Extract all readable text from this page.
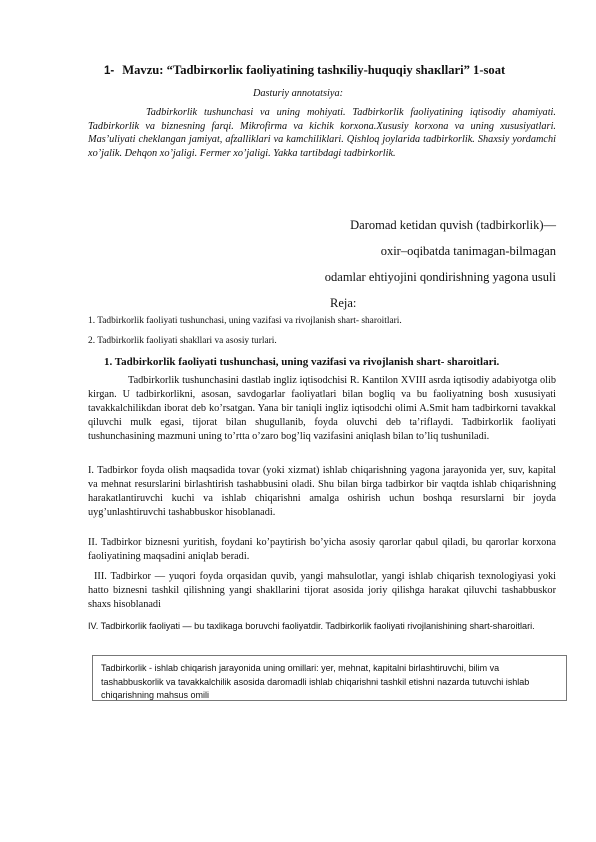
1- Mavzu: “Tadbirкorliк faoliyatining tashкiliy-huquqiy shaкllari” 1-soat
Dasturiy annotatsiya:

Tadbirkorlik tushunchasi va uning mohiyati. Tadbirkorlik faoliyatining iqtisodiy ahamiyati. Tadbirkorlik va biznesning farqi. Mikrofirma va kichik korxona.Xususiy korxona va uning xususiyatlari. Mas’uliyati cheklangan jamiyat, afzalliklari va kamchiliklari. Qishloq joylarida tadbirkorlik. Shaxsiy yordamchi xo’jalik. Dehqon xo’jaligi. Fermer xo’jaligi. Yakka tartibdagi tadbirkorlik.

Daromad ketidan quvish (tadbirkorlik)—
oxir–oqibatda tanimagan-bilmagan
odamlar ehtiyojini qondirishning yagona usuli
Reja:
1. Tadbirkorlik faoliyati tushunchasi, uning vazifasi va rivojlanish shart- sharoitlari.
1. Tadbirkorlik faoliyati tushunchasi, uning vazifasi va rivojlanish shart- sharoitlari.
2. Tadbirkorlik faoliyati shakllari va asosiy turlari.

Tadbirkorlik tushunchasini dastlab ingliz iqtisodchisi R. Kantilon XVIII asrda iqtisodiy adabiyotga olib kirgan. U tadbirkorlikni, asosan, savdogarlar faoliyatlari bilan bogliq va bu faoliyatning bosh xususiyati tavakkalchilikdan iborat deb ko’rsatgan. Yana bir taniqli ingliz iqtisodchi olimi A.Smit ham tadbirkorni tavakkal qiluvchi mulk egasi, tijorat bilan shugullanib, foyda oluvchi deb ta’riflaydi. Tadbirkorlik faoliyati tushunchasining mazmuni uning to’rtta o’zaro bog’liq vazifasini aniqlash bilan to’liq tushuniladi.

I. Tadbirkor foyda olish maqsadida tovar (yoki xizmat) ishlab chiqarishning yagona jarayonida yer, suv, kapital va mehnat resurslarini birlashtirish tashabbusini oladi. Shu bilan birga tadbirkor bir vaqtda ishlab chiqarishning harakatlantiruvchi kuchi va ishlab chiqarishni amalga oshirish uchun boshqa resurslarni bir joyda uyg’unlashtiruvchi tashabbuskor hisoblanadi.

II. Tadbirkor biznesni yuritish, foydani ko’paytirish bo’yicha asosiy qarorlar qabul qiladi, bu qarorlar korxona faoliyatining maqsadini aniqlab beradi.

III. Tadbirkor — yuqori foyda orqasidan quvib, yangi mahsulotlar, yangi ishlab chiqarish texnologiyasi yoki hatto biznesni tashkil qilishning yangi shakllarini tijorat asosida joriy qilishga harakat qiluvchi tashabbuskor shaxs hisoblanadi

IV. Tadbirkorlik faoliyati — bu taxlikaga boruvchi faoliyatdir. Tadbirkorlik faoliyati rivojlanishining shart-sharoitlari.

Tadbirkorlik - ishlab chiqarish jarayonida uning omillari: yer, mehnat, kapitalni birlashtiruvchi, bilim va tashabbuskorlik va tavakkalchilik asosida daromadli ishlab chiqarishni tashkil etishni nazarda tutuvchi ishlab chiqarishning mahsus omili
